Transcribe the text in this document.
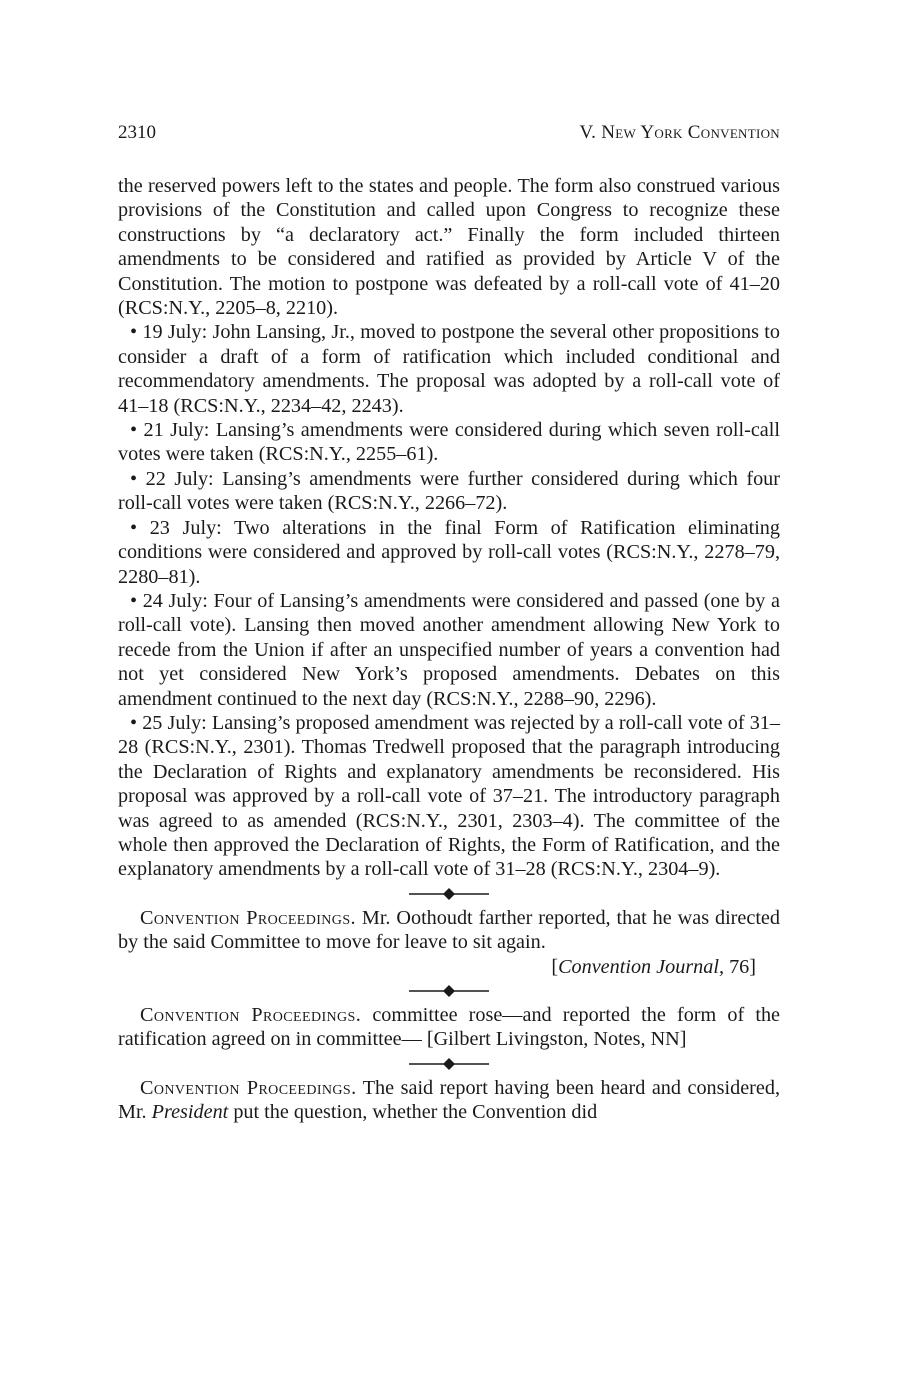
2310	V. New York Convention

the reserved powers left to the states and people. The form also construed various provisions of the Constitution and called upon Congress to recognize these constructions by “a declaratory act.” Finally the form included thirteen amendments to be considered and ratified as provided by Article V of the Constitution. The motion to postpone was defeated by a roll-call vote of 41–20 (RCS:N.Y., 2205–8, 2210).

• 19 July: John Lansing, Jr., moved to postpone the several other propositions to consider a draft of a form of ratification which included conditional and recommendatory amendments. The proposal was adopted by a roll-call vote of 41–18 (RCS:N.Y., 2234–42, 2243).

• 21 July: Lansing’s amendments were considered during which seven roll-call votes were taken (RCS:N.Y., 2255–61).

• 22 July: Lansing’s amendments were further considered during which four roll-call votes were taken (RCS:N.Y., 2266–72).

• 23 July: Two alterations in the final Form of Ratification eliminating conditions were considered and approved by roll-call votes (RCS:N.Y., 2278–79, 2280–81).

• 24 July: Four of Lansing’s amendments were considered and passed (one by a roll-call vote). Lansing then moved another amendment allowing New York to recede from the Union if after an unspecified number of years a convention had not yet considered New York’s proposed amendments. Debates on this amendment continued to the next day (RCS:N.Y., 2288–90, 2296).

• 25 July: Lansing’s proposed amendment was rejected by a roll-call vote of 31–28 (RCS:N.Y., 2301). Thomas Tredwell proposed that the paragraph introducing the Declaration of Rights and explanatory amendments be reconsidered. His proposal was approved by a roll-call vote of 37–21. The introductory paragraph was agreed to as amended (RCS:N.Y., 2301, 2303–4). The committee of the whole then approved the Declaration of Rights, the Form of Ratification, and the explanatory amendments by a roll-call vote of 31–28 (RCS:N.Y., 2304–9).

Convention Proceedings. Mr. Oothoudt farther reported, that he was directed by the said Committee to move for leave to sit again.

[Convention Journal, 76]

Convention Proceedings. committee rose—and reported the form of the ratification agreed on in committee— [Gilbert Livingston, Notes, NN]

Convention Proceedings. The said report having been heard and considered, Mr. President put the question, whether the Convention did
